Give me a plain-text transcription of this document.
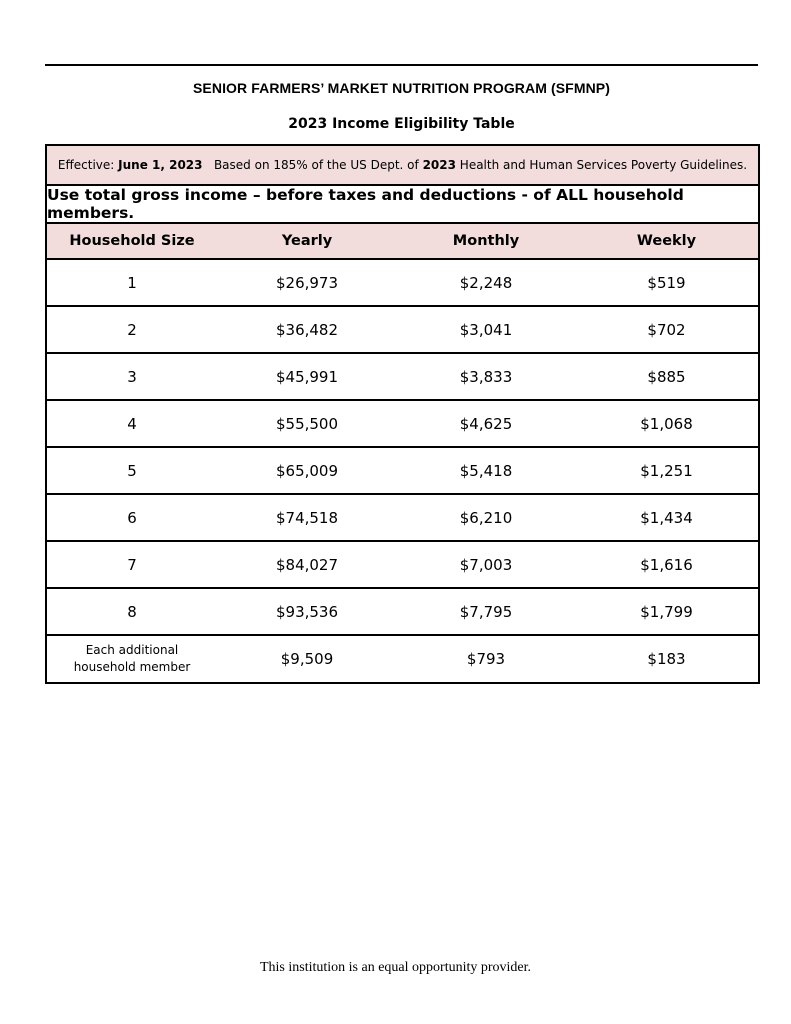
SENIOR FARMERS’ MARKET NUTRITION PROGRAM (SFMNP)
2023 Income Eligibility Table
Effective:
June 1, 2023
Based on 185% of the US Dept. of
2023
Health and Human Services Poverty Guidelines.
Use total gross income – before taxes and deductions - of ALL household members.
Household Size	Yearly	Monthly	Weekly
1	$26,973	$2,248	$519
2	$36,482	$3,041	$702
3	$45,991	$3,833	$885
4	$55,500	$4,625	$1,068
5	$65,009	$5,418	$1,251
6	$74,518	$6,210	$1,434
7	$84,027	$7,003	$1,616
8	$93,536	$7,795	$1,799
Each additional
household member	$9,509	$793	$183
This institution is an equal opportunity provider.
